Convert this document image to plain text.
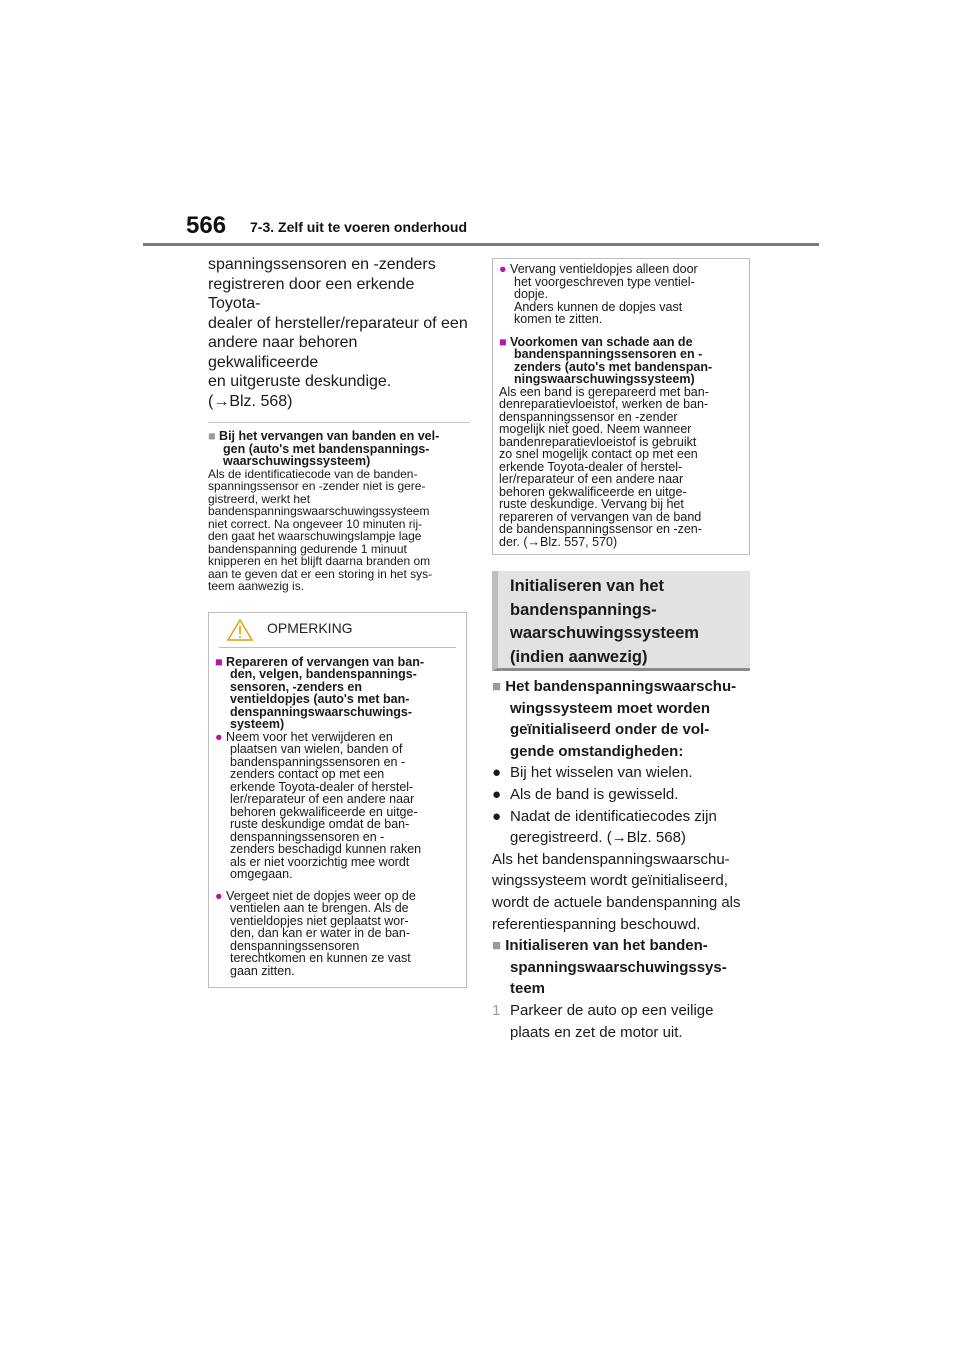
566 7-3. Zelf uit te voeren onderhoud

spanningssensoren en -zenders
registreren door een erkende Toyota-
dealer of hersteller/reparateur of een
andere naar behoren gekwalificeerde
en uitgeruste deskundige.
(→Blz. 568)

■ Bij het vervangen van banden en vel-
gen (auto's met bandenspannings-
waarschuwingssysteem)
Als de identificatiecode van de banden-
spanningssensor en -zender niet is gere-
gistreerd, werkt het
bandenspanningswaarschuwingssysteem
niet correct. Na ongeveer 10 minuten rij-
den gaat het waarschuwingslampje lage
bandenspanning gedurende 1 minuut
knipperen en het blijft daarna branden om
aan te geven dat er een storing in het sys-
teem aanwezig is.
OPMERKING
■ Repareren of vervangen van ban-
den, velgen, bandenspannings-
sensoren, -zenders en
ventieldopjes (auto's met ban-
denspanningswaarschuwings-
systeem)
● Neem voor het verwijderen en
plaatsen van wielen, banden of
bandenspanningssensoren en -
zenders contact op met een
erkende Toyota-dealer of herstel-
ler/reparateur of een andere naar
behoren gekwalificeerde en uitge-
ruste deskundige omdat de ban-
denspanningssensoren en -
zenders beschadigd kunnen raken
als er niet voorzichtig mee wordt
omgegaan.
● Vergeet niet de dopjes weer op de
ventielen aan te brengen. Als de
ventieldopjes niet geplaatst wor-
den, dan kan er water in de ban-
denspanningssensoren
terechtkomen en kunnen ze vast
gaan zitten.
● Vervang ventieldopjes alleen door
het voorgeschreven type ventiel-
dopje.
Anders kunnen de dopjes vast
komen te zitten.
■ Voorkomen van schade aan de
bandenspanningssensoren en -
zenders (auto's met bandenspan-
ningswaarschuwingssysteem)
Als een band is gerepareerd met ban-
denreparatievloeistof, werken de ban-
denspanningssensor en -zender
mogelijk niet goed. Neem wanneer
bandenreparatievloeistof is gebruikt
zo snel mogelijk contact op met een
erkende Toyota-dealer of herstel-
ler/reparateur of een andere naar
behoren gekwalificeerde en uitge-
ruste deskundige. Vervang bij het
repareren of vervangen van de band
de bandenspanningssensor en -zen-
der. (→Blz. 557, 570)
Initialiseren van het
bandenspannings-
waarschuwingssysteem
(indien aanwezig)
■ Het bandenspanningswaarschu-
wingssysteem moet worden
geïnitialiseerd onder de vol-
gende omstandigheden:
● Bij het wisselen van wielen.
● Als de band is gewisseld.
● Nadat de identificatiecodes zijn
geregistreerd. (→Blz. 568)
Als het bandenspanningswaarschu-
wingssysteem wordt geïnitialiseerd,
wordt de actuele bandenspanning als
referentiespanning beschouwd.
■ Initialiseren van het banden-
spanningswaarschuwingssys-
teem
1 Parkeer de auto op een veilige
plaats en zet de motor uit.
